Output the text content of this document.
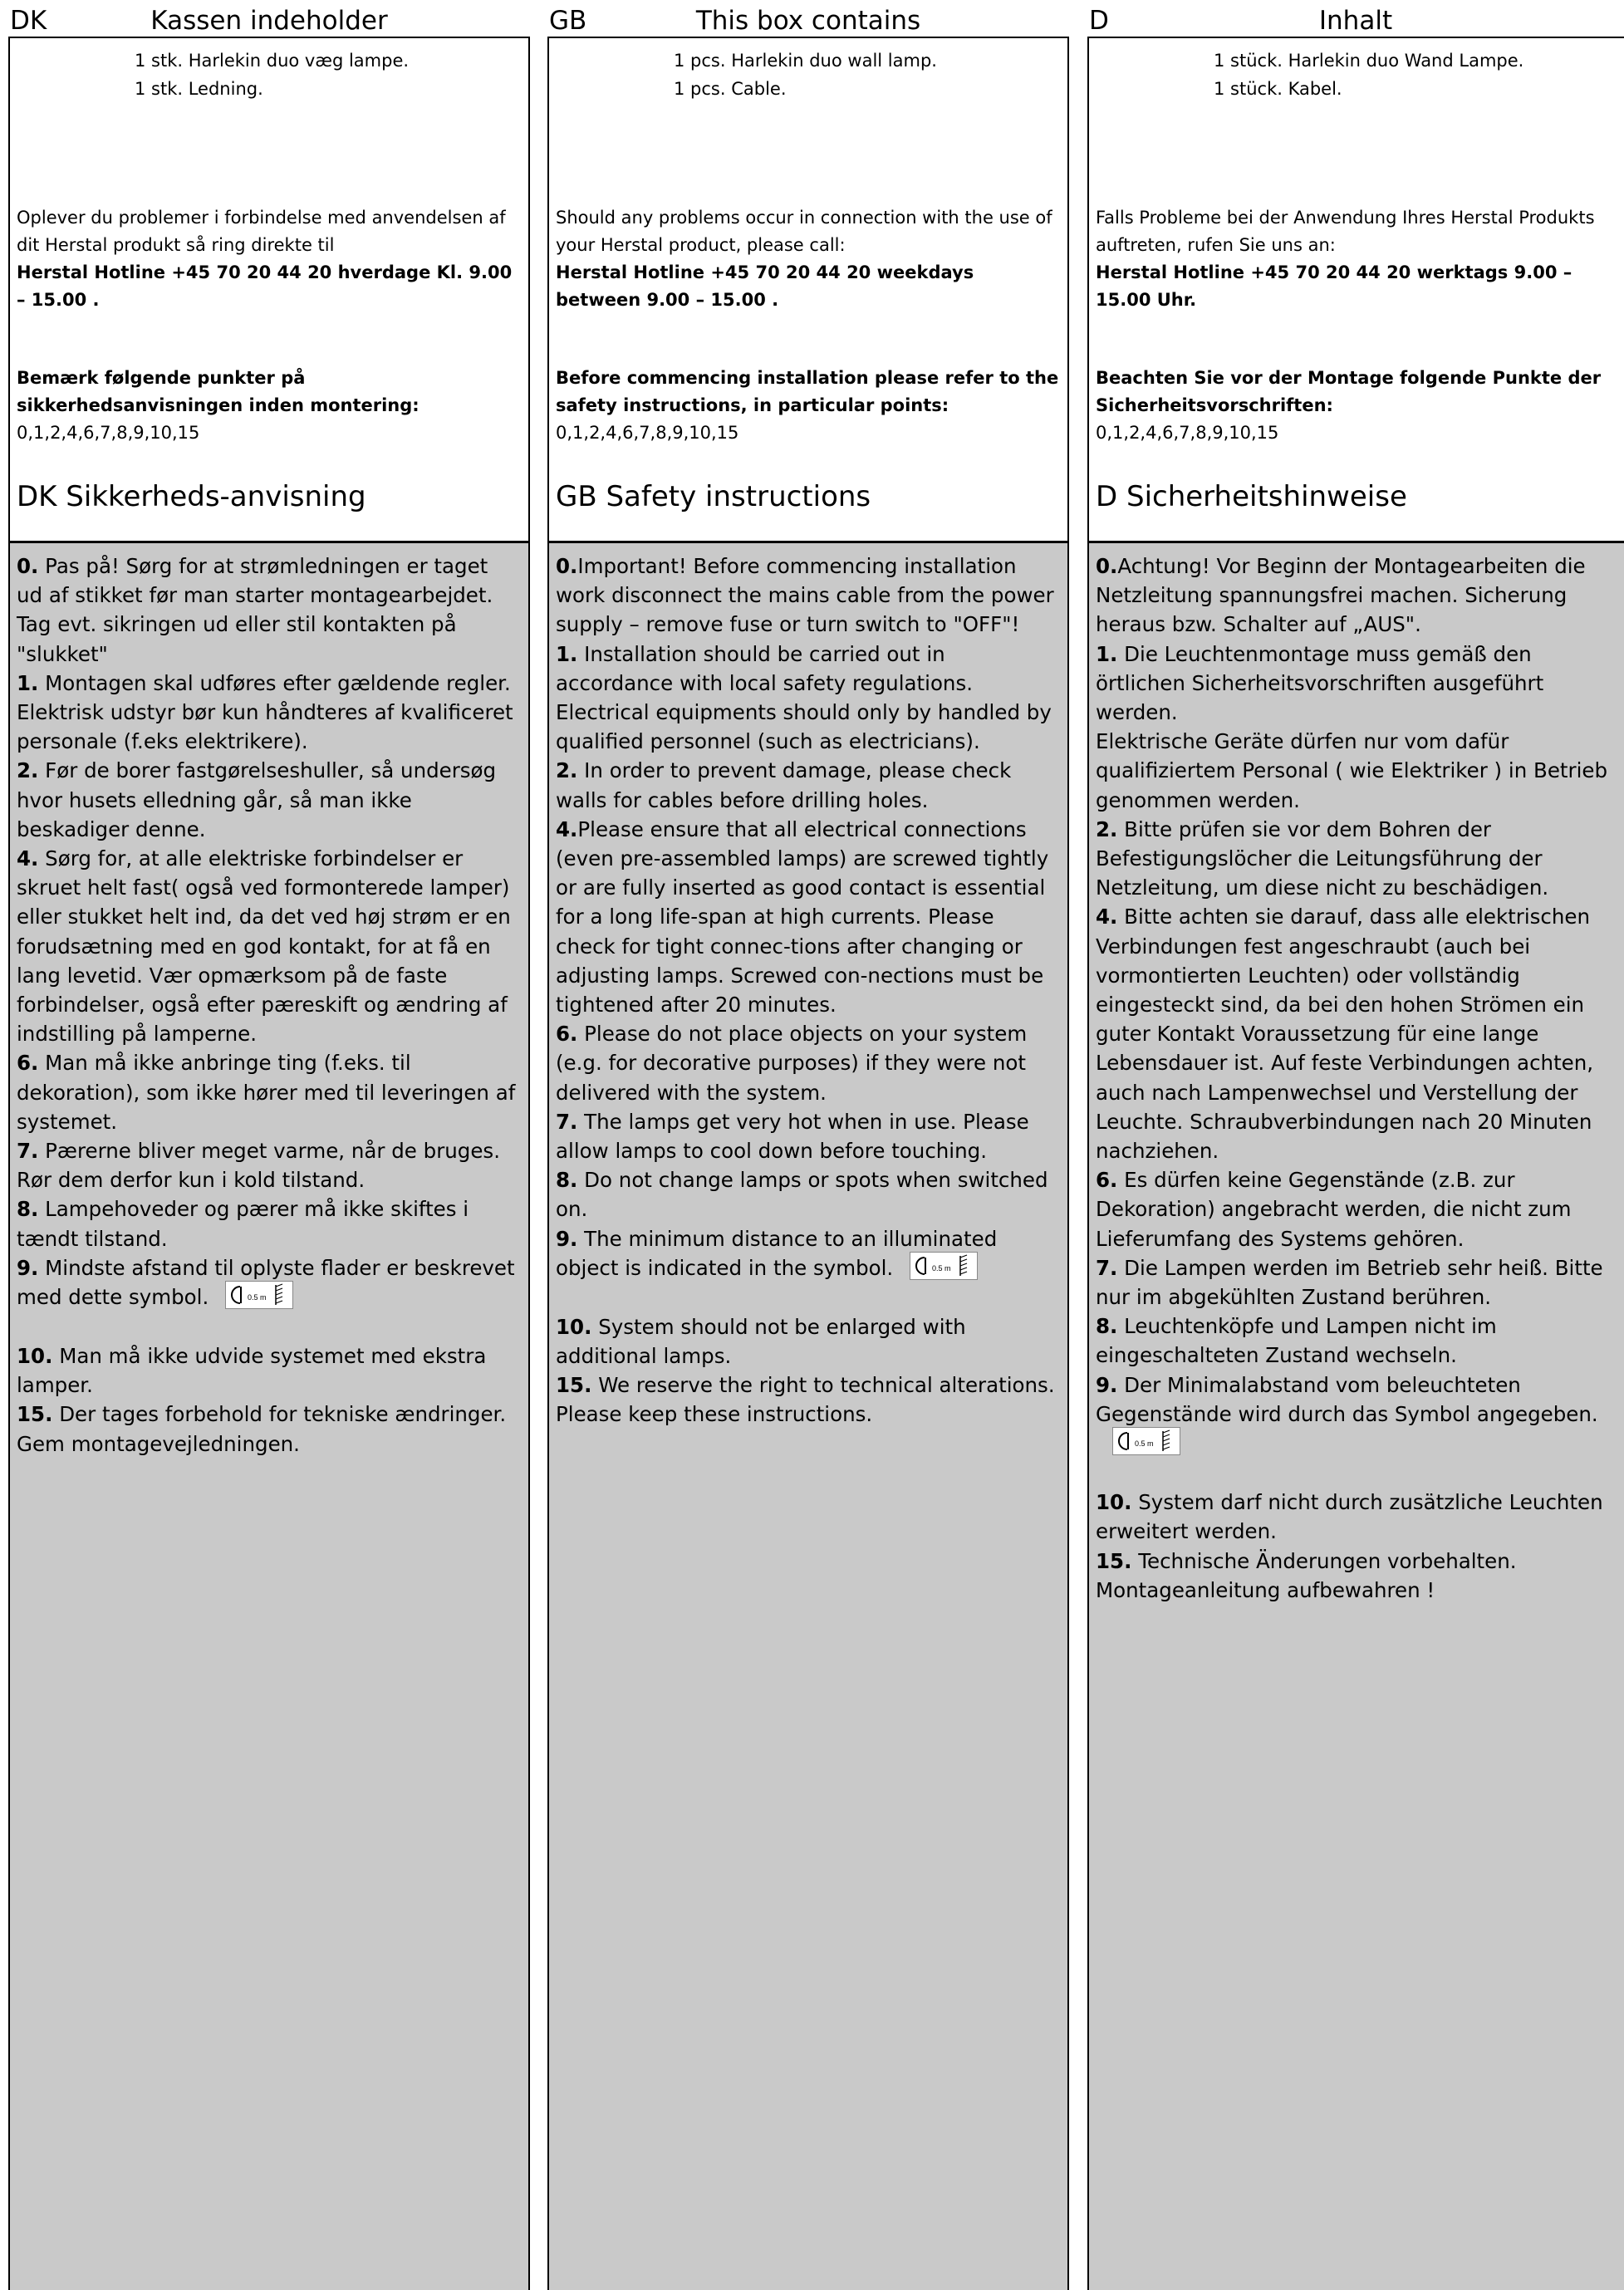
DK	Kassen indeholder
1 stk. Harlekin duo væg lampe.
1 stk. Ledning.
Oplever du problemer i forbindelse med anvendelsen af dit Herstal produkt så ring direkte til
Herstal Hotline +45 70 20 44 20 hverdage Kl. 9.00 – 15.00 .
Bemærk følgende punkter på sikkerhedsanvisningen inden montering:
0,1,2,4,6,7,8,9,10,15
DK Sikkerheds-anvisning

0. Pas på! Sørg for at strømledningen er taget ud af stikket før man starter montagearbejdet. Tag evt. sikringen ud eller stil kontakten på "slukket"

1. Montagen skal udføres efter gældende regler. Elektrisk udstyr bør kun håndteres af kvalificeret personale (f.eks elektrikere).

2. Før de borer fastgørelseshuller, så undersøg hvor husets elledning går, så man ikke beskadiger denne.

4. Sørg for, at alle elektriske forbindelser er skruet helt fast( også ved formonterede lamper) eller stukket helt ind, da det ved høj strøm er en forudsætning med en god kontakt, for at få en lang levetid. Vær opmærksom på de faste forbindelser, også efter pæreskift og ændring af indstilling på lamperne.

6. Man må ikke anbringe ting (f.eks. til dekoration), som ikke hører med til leveringen af systemet.

7. Pærerne bliver meget varme, når de bruges. Rør dem derfor kun i kold tilstand.

8. Lampehoveder og pærer må ikke skiftes i tændt tilstand.

9. Mindste afstand til oplyste flader er beskrevet med dette symbol.	0.5 m

10. Man må ikke udvide systemet med ekstra lamper.

15. Der tages forbehold for tekniske ændringer. Gem montagevejledningen.

GB	This box contains
1 pcs. Harlekin duo wall lamp.
1 pcs. Cable.
Should any problems occur in connection with the use of your Herstal product, please call:
Herstal Hotline +45 70 20 44 20 weekdays between 9.00 – 15.00 .
Before commencing installation please refer to the safety instructions, in particular points:
0,1,2,4,6,7,8,9,10,15
GB Safety instructions

0.Important! Before commencing installation work disconnect the mains cable from the power supply – remove fuse or turn switch to "OFF"!

1. Installation should be carried out in accordance with local safety regulations.

Electrical equipments should only by handled by qualified personnel (such as electricians).

2. In order to prevent damage, please check walls for cables before drilling holes.

4.Please ensure that all electrical connections (even pre-assembled lamps) are screwed tightly or are fully inserted as good contact is essential for a long life-span at high currents. Please check for tight connec-tions after changing or adjusting lamps. Screwed con-nections must be tightened after 20 minutes.

6. Please do not place objects on your system (e.g. for decorative purposes) if they were not delivered with the system.

7. The lamps get very hot when in use. Please allow lamps to cool down before touching.

8. Do not change lamps or spots when switched on.

9. The minimum distance to an illuminated object is indicated in the symbol.	0.5 m

10. System should not be enlarged with additional lamps.

15. We reserve the right to technical alterations. Please keep these instructions.

D	Inhalt
1 stück. Harlekin duo Wand Lampe.
1 stück. Kabel.
Falls Probleme bei der Anwendung Ihres Herstal Produkts auftreten, rufen Sie uns an:
Herstal Hotline +45 70 20 44 20 werktags 9.00 – 15.00 Uhr.
Beachten Sie vor der Montage folgende Punkte der Sicherheitsvorschriften:
0,1,2,4,6,7,8,9,10,15
D Sicherheitshinweise

0.Achtung! Vor Beginn der Montagearbeiten die Netzleitung spannungsfrei machen. Sicherung heraus bzw. Schalter auf „AUS".

1. Die Leuchtenmontage muss gemäß den örtlichen Sicherheitsvorschriften ausgeführt werden.

Elektrische Geräte dürfen nur vom dafür qualifiziertem Personal ( wie Elektriker ) in Betrieb genommen werden.

2. Bitte prüfen sie vor dem Bohren der Befestigungslöcher die Leitungsführung der Netzleitung, um diese nicht zu beschädigen.

4. Bitte achten sie darauf, dass alle elektrischen Verbindungen fest angeschraubt (auch bei vormontierten Leuchten) oder vollständig eingesteckt sind, da bei den hohen Strömen ein guter Kontakt Voraussetzung für eine lange Lebensdauer ist. Auf feste Verbindungen achten, auch nach Lampenwechsel und Verstellung der Leuchte. Schraubverbindungen nach 20 Minuten nachziehen.

6. Es dürfen keine Gegenstände (z.B. zur Dekoration) angebracht werden, die nicht zum Lieferumfang des Systems gehören.

7. Die Lampen werden im Betrieb sehr heiß. Bitte nur im abgekühlten Zustand berühren.

8. Leuchtenköpfe und Lampen nicht im eingeschalteten Zustand wechseln.

9. Der Minimalabstand vom beleuchteten Gegenstände wird durch das Symbol angegeben.
0.5 m

10. System darf nicht durch zusätzliche Leuchten erweitert werden.

15. Technische Änderungen vorbehalten. Montageanleitung aufbewahren !
